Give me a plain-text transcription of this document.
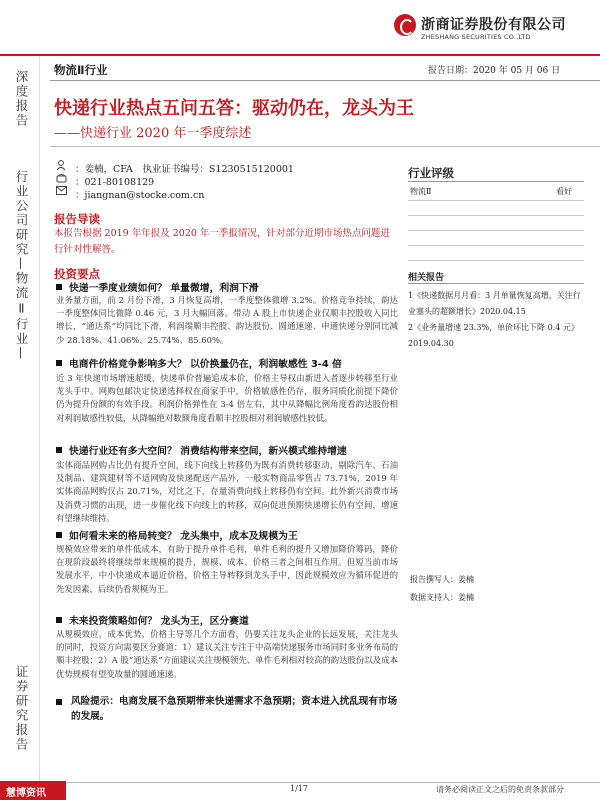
浙商证券股份有限公司
ZHESHANG SECURITIES CO.,LTD
物流Ⅱ行业	报告日期：2020 年 05 月 06 日
深度报告
行业公司研究—物流Ⅱ行业—
证券研究报告
快递行业热点五问五答：驱动仍在，龙头为王
——快递行业 2020 年一季度综述
：姜楠，CFA　执业证书编号：S1230515120001
：021-80108129
：jiangnan@stocke.com.cn
行业评级
物流Ⅱ	看好
相关报告
1《快递数据月月看：3 月单量恢复高增，关注行业塞头的超额增长》2020.04.15
2《业务量增速 23.3%，单价环比下降 0.4 元》2019.04.30
报告撰写人：姜楠
数据支持人：姜楠
报告导读
本报告根据 2019 年年报及 2020 年一季报情况，针对部分近期市场热点问题进行针对性解答。
投资要点
快递一季度业绩如何？ 单量微增，利润下滑
业务量方面，前 2 月份下滑，3 月恢复高增，一季度整体微增 3.2%。价格竞争持续，韵达一季度整体同比微降 0.46 元，3 月大幅回落。带动 A 股上市快递企业仅顺丰控股收入同比增长，“通达系”均同比下滑，利润端顺丰控股、韵达股份、圆通速递、申通快递分别同比减少 28.18%、41.06%、25.74%、85.60%。
电商件价格竞争影响多大？ 以价换量仍在，利润敏感性 3-4 倍
近 3 年快递市场增速超缓，快递单价普遍追成本价，价格主导权由新进入者逐步转移至行业龙头手中。网购包邮决定快递选择权在商家手中，价格敏感性仍存，服务同质化前提下降价仍为提升份额的有效手段。利润价格弹性在 3-4 倍左右，其中从降幅比例角度看韵达股份相对利润敏感性较低，从降幅绝对数额角度看顺丰控股相对利润敏感性较低。
快递行业还有多大空间？ 消费结构带来空间，新兴模式维持增速
实体商品网购占比仍有提升空间，线下向线上转移仍为既有消费转移驱动，剔除汽车、石油及制品、建筑建材等不适网购及快递配送产品外，一般实物商品零售占 73.71%，2019 年实体商品网购仅占 20.71%，对比之下，存量消费向线上转移仍有空间。此外新兴消费市场及消费习惯的出现，进一步催化线下向线上的转移，双向促进预期快递增长仍有空间，增速有望继续维持。
如何看未来的格局转变？ 龙头集中，成本及规模为王
规模效应带来的单件低成本，有助于提升单件毛利，单件毛利的提升又增加降价筹码，降价在现阶段最终将继续带来规模的提升，规模、成本、价格三者之间相互作用。但短当前市场发展水平，中小快递成本逼近价格，价格主导转移到龙头手中，因此规模效应为循环促进的先发因素，后续仍看规模为王。
未来投资策略如何？ 龙头为王，区分赛道
从规模效应，成本优势、价格主导等几个方面看，仍要关注龙头企业的长远发展，关注龙头的同时，投资方向需要区分赛道：1）建议关注专注于中高端快递服务市场同时多业务布局的顺丰控股；2）A 股“通达系”方面建议关注规模领先、单件毛利相对较高的韵达股份以及成本优势规模有望变故量的圆通速递。
风险提示：电商发展不急预期带来快递需求不急预期；资本进入扰乱现有市场的发展。
慧博资讯	1/17	请务必阅读正文之后的免责条款部分
